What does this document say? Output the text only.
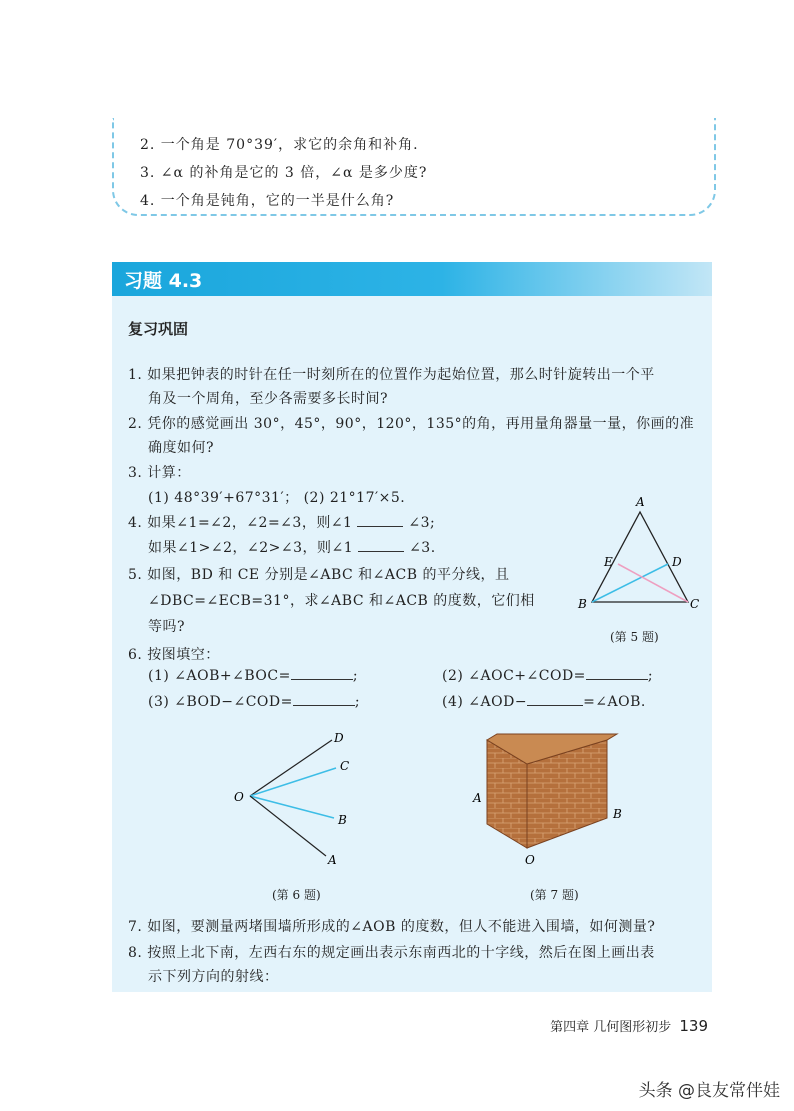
2. 一个角是 70°39′，求它的余角和补角.
3. ∠α 的补角是它的 3 倍，∠α 是多少度?
4. 一个角是钝角，它的一半是什么角?
习题 4.3
复习巩固
1. 如果把钟表的时针在任一时刻所在的位置作为起始位置，那么时针旋转出一个平
角及一个周角，至少各需要多长时间?
2. 凭你的感觉画出 30°，45°，90°，120°，135°的角，再用量角器量一量，你画的准
确度如何?
3. 计算：
(1) 48°39′+67°31′； (2) 21°17′×5.
4. 如果∠1=∠2，∠2=∠3，则∠1	∠3;
如果∠1>∠2，∠2>∠3，则∠1	∠3.
5. 如图，BD 和 CE 分别是∠ABC 和∠ACB 的平分线，且
∠DBC=∠ECB=31°，求∠ABC 和∠ACB 的度数，它们相
等吗?
A
B	C
D
E
(第 5 题)
6. 按图填空：
(1) ∠AOB+∠BOC=	;	(2) ∠AOC+∠COD=	;
(3) ∠BOD−∠COD=	;	(4) ∠AOD−	=∠AOB.
O
D
C
B
A
(第 6 题)
A
B
O
(第 7 题)
7. 如图，要测量两堵围墙所形成的∠AOB 的度数，但人不能进入围墙，如何测量?
8. 按照上北下南，左西右东的规定画出表示东南西北的十字线，然后在图上画出表
示下列方向的射线：
第四章 几何图形初步 139
头条 @良友常伴娃
